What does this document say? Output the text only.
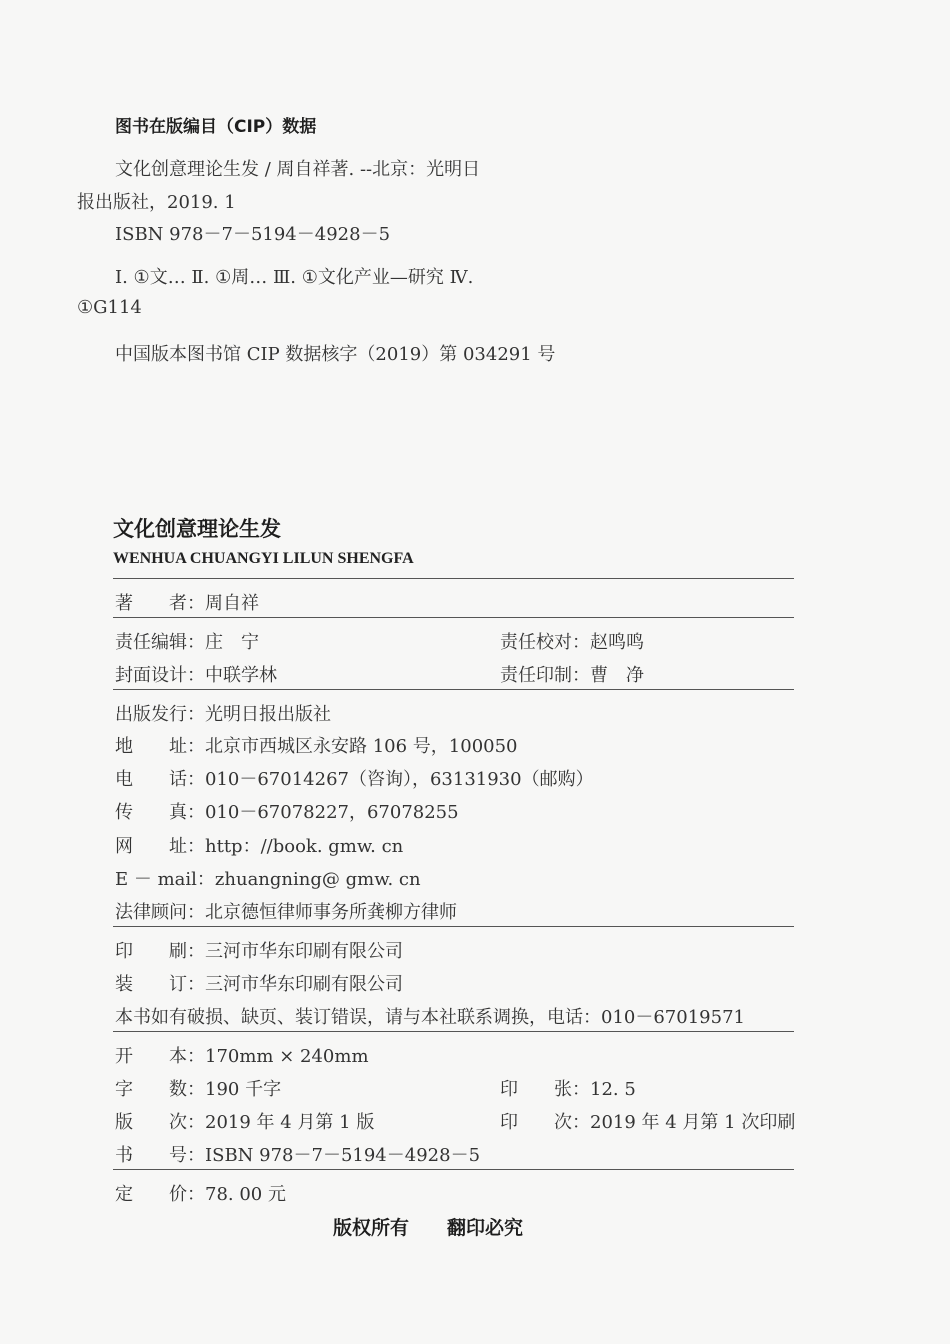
图书在版编目（CIP）数据
文化创意理论生发 / 周自祥著. --北京：光明日
报出版社，2019. 1
ISBN 978－7－5194－4928－5
Ⅰ. ①文… Ⅱ. ①周… Ⅲ. ①文化产业—研究 Ⅳ.
①G114
中国版本图书馆 CIP 数据核字（2019）第 034291 号
文化创意理论生发
WENHUA CHUANGYI LILUN SHENGFA
著　　者：周自祥
责任编辑：庄　宁	责任校对：赵鸣鸣
封面设计：中联学林	责任印制：曹　净
出版发行：光明日报出版社
地　　址：北京市西城区永安路 106 号，100050
电　　话：010－67014267（咨询），63131930（邮购）
传　　真：010－67078227，67078255
网　　址：http：//book. gmw. cn
E － mail：zhuangning@ gmw. cn
法律顾问：北京德恒律师事务所龚柳方律师
印　　刷：三河市华东印刷有限公司
装　　订：三河市华东印刷有限公司
本书如有破损、缺页、装订错误，请与本社联系调换，电话：010－67019571
开　　本：170mm × 240mm
字　　数：190 千字	印　　张：12. 5
版　　次：2019 年 4 月第 1 版	印　　次：2019 年 4 月第 1 次印刷
书　　号：ISBN 978－7－5194－4928－5
定　　价：78. 00 元
版权所有　　翻印必究
